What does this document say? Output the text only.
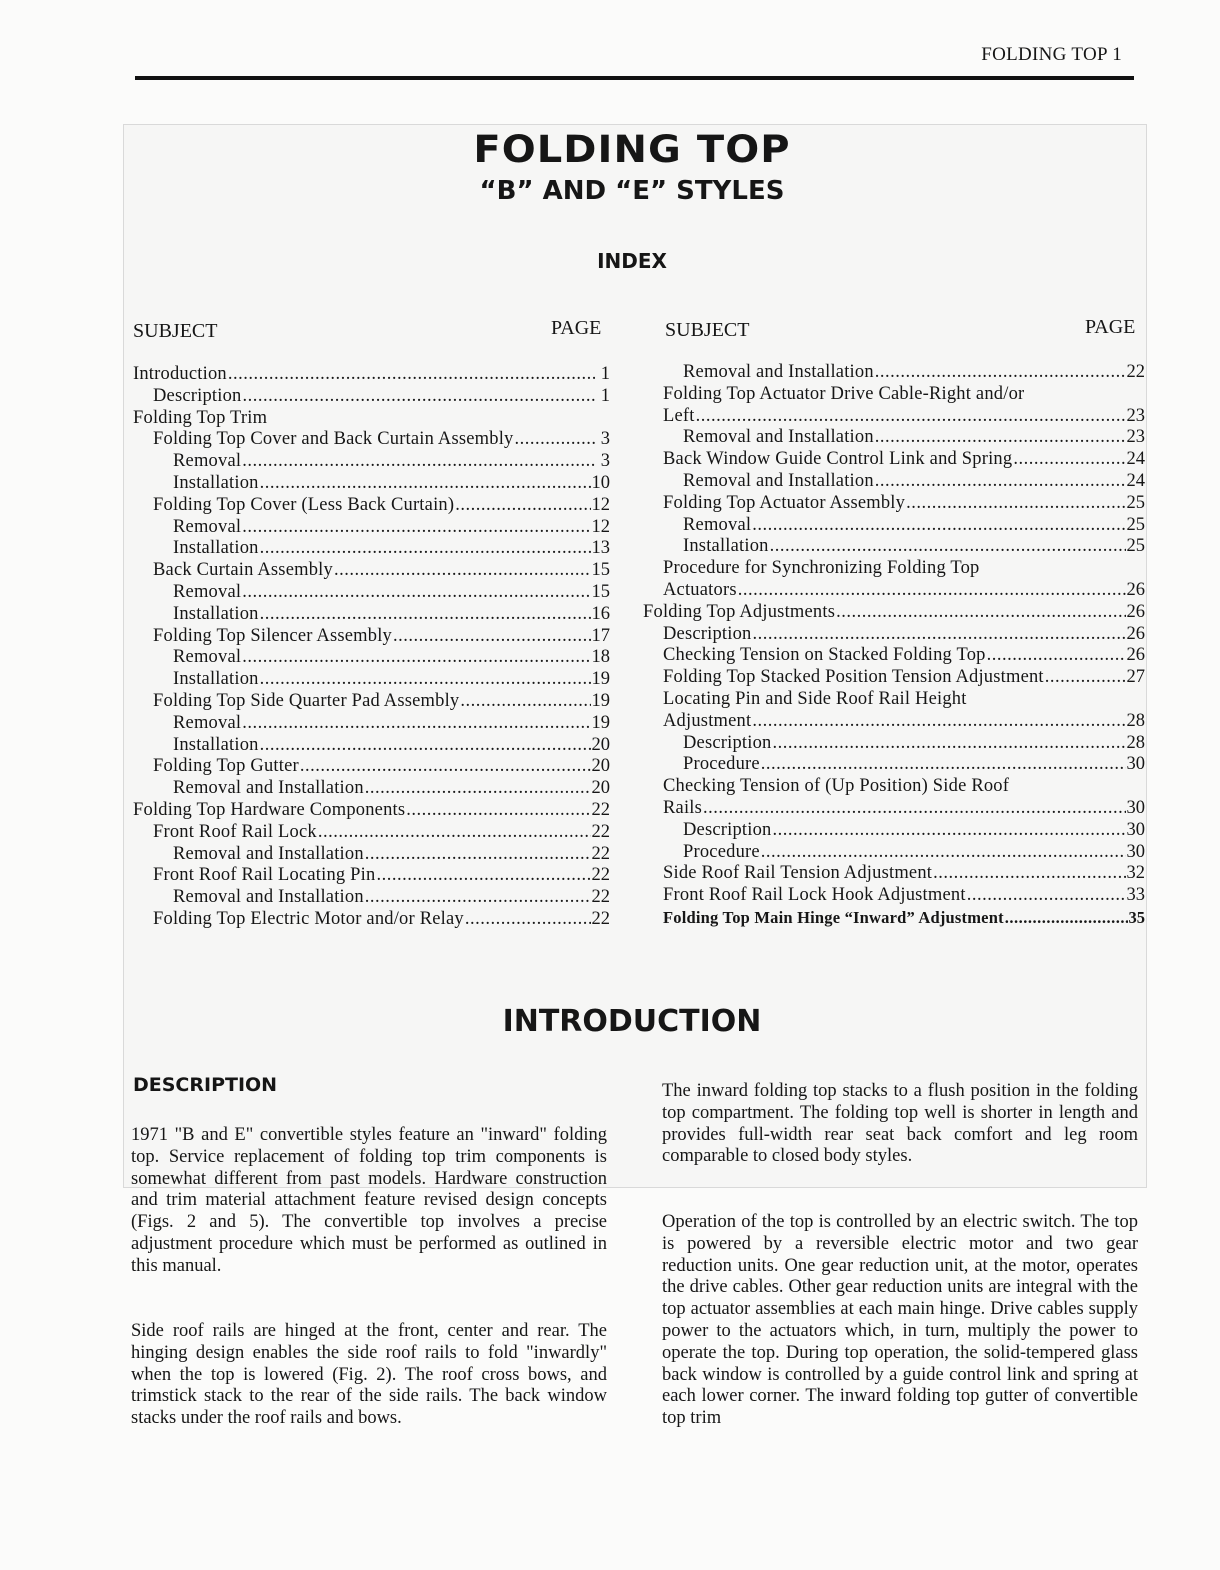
FOLDING TOP 1
FOLDING TOP
“B” AND “E” STYLES
INDEX
SUBJECT	PAGE	SUBJECT	PAGE
Introduction .....	1
Description .....	1
Folding Top Trim
Folding Top Cover and Back Curtain Assembly .....	3
Removal .....	3
Installation .....	10
Folding Top Cover (Less Back Curtain) .....	12
Removal .....	12
Installation .....	13
Back Curtain Assembly .....	15
Removal .....	15
Installation .....	16
Folding Top Silencer Assembly .....	17
Removal .....	18
Installation .....	19
Folding Top Side Quarter Pad Assembly .....	19
Removal .....	19
Installation .....	20
Folding Top Gutter .....	20
Removal and Installation .....	20
Folding Top Hardware Components .....	22
Front Roof Rail Lock .....	22
Removal and Installation .....	22
Front Roof Rail Locating Pin .....	22
Removal and Installation .....	22
Folding Top Electric Motor and/or Relay .....	22
Removal and Installation .....	22
Folding Top Actuator Drive Cable-Right and/or
Left .....	23
Removal and Installation .....	23
Back Window Guide Control Link and Spring .....	24
Removal and Installation .....	24
Folding Top Actuator Assembly .....	25
Removal .....	25
Installation .....	25
Procedure for Synchronizing Folding Top
Actuators .....	26
Folding Top Adjustments .....	26
Description .....	26
Checking Tension on Stacked Folding Top .....	26
Folding Top Stacked Position Tension Adjustment .....	27
Locating Pin and Side Roof Rail Height
Adjustment .....	28
Description .....	28
Procedure .....	30
Checking Tension of (Up Position) Side Roof
Rails .....	30
Description .....	30
Procedure .....	30
Side Roof Rail Tension Adjustment .....	32
Front Roof Rail Lock Hook Adjustment .....	33
Folding Top Main Hinge “Inward” Adjustment .....	35
INTRODUCTION
DESCRIPTION

1971 "B and E" convertible styles feature an "inward" folding top. Service replacement of folding top trim components is somewhat different from past models. Hardware construction and trim material attachment feature revised design concepts (Figs. 2 and 5). The convertible top involves a precise adjustment procedure which must be performed as outlined in this manual.

Side roof rails are hinged at the front, center and rear. The hinging design enables the side roof rails to fold "inwardly" when the top is lowered (Fig. 2). The roof cross bows, and trimstick stack to the rear of the side rails. The back window stacks under the roof rails and bows.

The inward folding top stacks to a flush position in the folding top compartment. The folding top well is shorter in length and provides full-width rear seat back comfort and leg room comparable to closed body styles.

Operation of the top is controlled by an electric switch. The top is powered by a reversible electric motor and two gear reduction units. One gear reduction unit, at the motor, operates the drive cables. Other gear reduction units are integral with the top actuator assemblies at each main hinge. Drive cables supply power to the actuators which, in turn, multiply the power to operate the top. During top operation, the solid-tempered glass back window is controlled by a guide control link and spring at each lower corner. The inward folding top gutter of convertible top trim
